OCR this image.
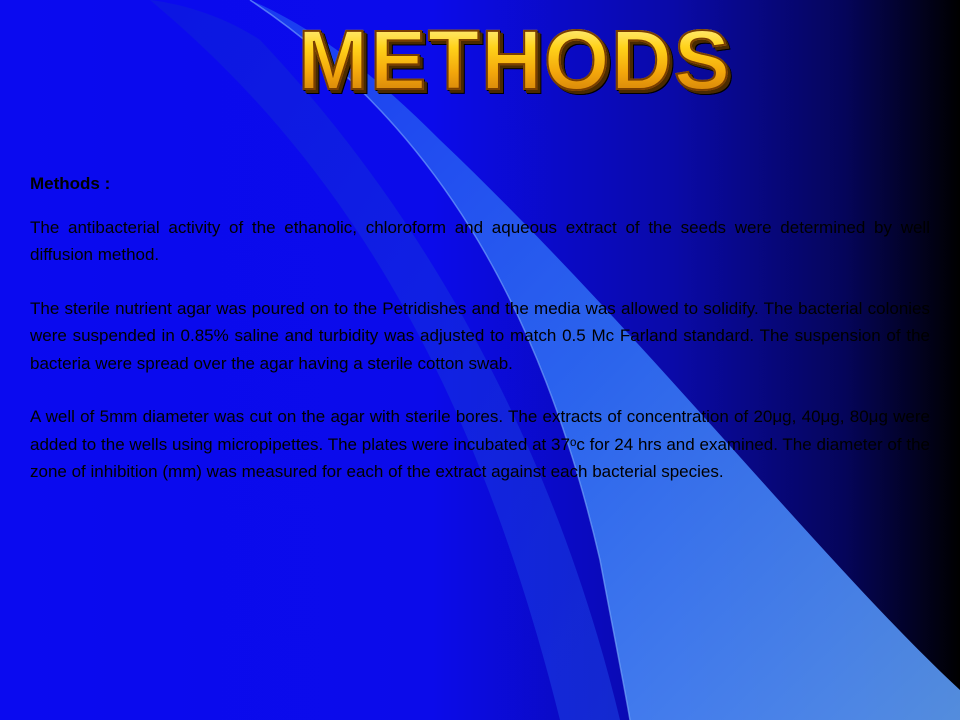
METHODS
Methods :

The antibacterial activity of the ethanolic, chloroform and aqueous extract of the seeds were determined by well diffusion method.

The sterile nutrient agar was poured on to the Petridishes and the media was allowed to solidify. The bacterial colonies were suspended in 0.85% saline and turbidity was adjusted to match 0.5 Mc Farland standard. The suspension of the bacteria were spread over the agar having a sterile cotton swab.

A well of 5mm diameter was cut on the agar with sterile bores. The extracts of concentration of 20μg, 40μg, 80μg were added to the wells using micropipettes. The plates were incubated at 37ᵒc for 24 hrs and examined. The diameter of the zone of inhibition (mm) was measured for each of the extract against each bacterial species.
